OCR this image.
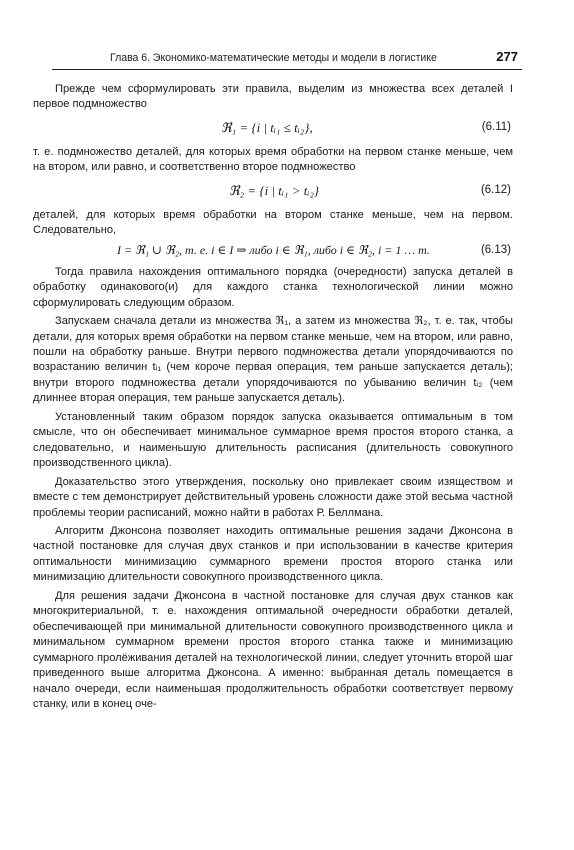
Глава 6. Экономико-математические методы и модели в логистике	277

Прежде чем сформулировать эти правила, выделим из множества всех деталей I первое подмножество

ℜ₁ = {i | tᵢ₁ ≤ tᵢ₂},	(6.11)

т. е. подмножество деталей, для которых время обработки на первом станке меньше, чем на втором, или равно, и соответственно второе подмножество

ℜ₂ = {i | tᵢ₁ > tᵢ₂}	(6.12)

деталей, для которых время обработки на втором станке меньше, чем на первом. Следовательно,

I = ℜ₁ ∪ ℜ₂, т. е. i ∈ I ⇒ либо i ∈ ℜ₁, либо i ∈ ℜ₂, i = 1 … m.	(6.13)

Тогда правила нахождения оптимального порядка (очередности) запуска деталей в обработку одинакового(и) для каждого станка технологической линии можно сформулировать следующим образом.

Запускаем сначала детали из множества ℜ₁, а затем из множества ℜ₂, т. е. так, чтобы детали, для которых время обработки на первом станке меньше, чем на втором, или равно, пошли на обработку раньше. Внутри первого подмножества детали упорядочиваются по возрастанию величин tᵢ₁ (чем короче первая операция, тем раньше запускается деталь); внутри второго подмножества детали упорядочиваются по убыванию величин tᵢ₂ (чем длиннее вторая операция, тем раньше запускается деталь).

Установленный таким образом порядок запуска оказывается оптимальным в том смысле, что он обеспечивает минимальное суммарное время простоя второго станка, а следовательно, и наименьшую длительность расписания (длительность совокупного производственного цикла).

Доказательство этого утверждения, поскольку оно привлекает своим изяществом и вместе с тем демонстрирует действительный уровень сложности даже этой весьма частной проблемы теории расписаний, можно найти в работах Р. Беллмана.

Алгоритм Джонсона позволяет находить оптимальные решения задачи Джонсона в частной постановке для случая двух станков и при использовании в качестве критерия оптимальности минимизацию суммарного времени простоя второго станка или минимизацию длительности совокупного производственного цикла.

Для решения задачи Джонсона в частной постановке для случая двух станков как многокритериальной, т. е. нахождения оптимальной очередности обработки деталей, обеспечивающей при минимальной длительности совокупного производственного цикла и минимальном суммарном времени простоя второго станка также и минимизацию суммарного пролёживания деталей на технологической линии, следует уточнить второй шаг приведенного выше алгоритма Джонсона. А именно: выбранная деталь помещается в начало очереди, если наименьшая продолжительность обработки соответствует первому станку, или в конец оче-
